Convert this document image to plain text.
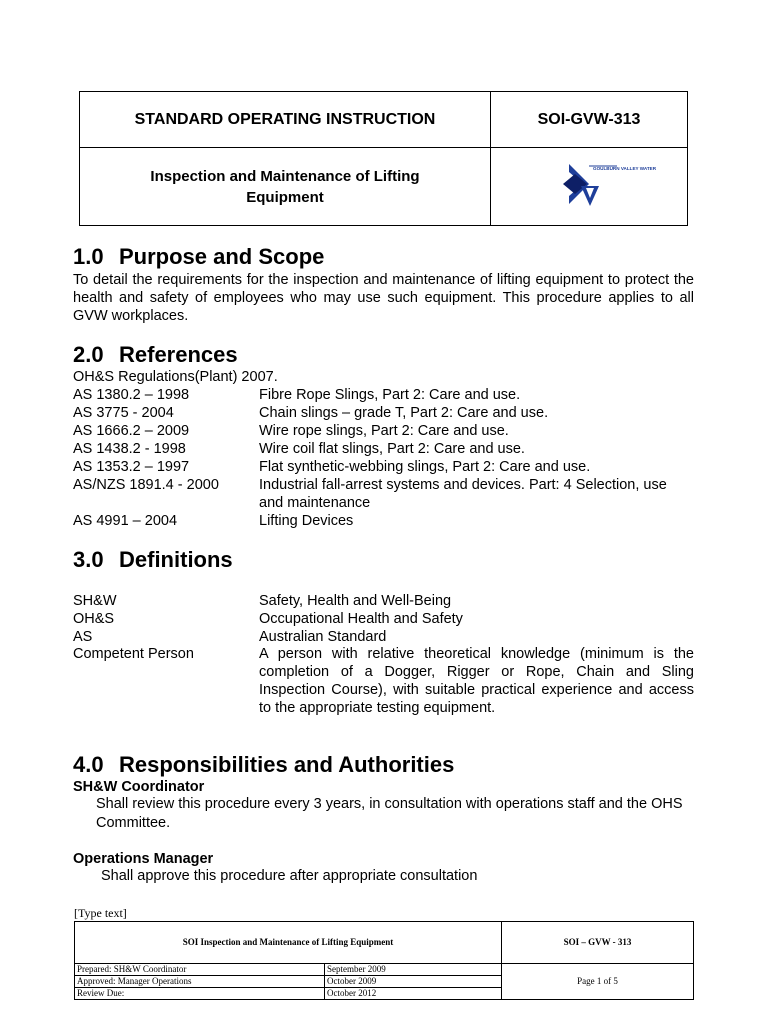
STANDARD OPERATING INSTRUCTION	SOI-GVW-313

Inspection and Maintenance of Lifting Equipment	GOULBURN VALLEY WATER
1.0 Purpose and Scope

To detail the requirements for the inspection and maintenance of lifting equipment to protect the health and safety of employees who may use such equipment. This procedure applies to all GVW workplaces.

2.0 References
OH&S Regulations(Plant) 2007.
AS 1380.2 – 1998	Fibre Rope Slings, Part 2: Care and use.
AS 3775 - 2004	Chain slings – grade T, Part 2: Care and use.
AS 1666.2 – 2009	Wire rope slings, Part 2: Care and use.
AS 1438.2 - 1998	Wire coil flat slings, Part 2: Care and use.
AS 1353.2 – 1997	Flat synthetic-webbing slings, Part 2: Care and use.
AS/NZS 1891.4 - 2000	Industrial fall-arrest systems and devices. Part: 4 Selection, use and maintenance
AS 4991 – 2004	Lifting Devices
3.0 Definitions
SH&W	Safety, Health and Well-Being
OH&S	Occupational Health and Safety
AS	Australian Standard
Competent Person	A person with relative theoretical knowledge (minimum is the completion of a Dogger, Rigger or Rope, Chain and Sling Inspection Course), with suitable practical experience and access to the appropriate testing equipment.
4.0 Responsibilities and Authorities
SH&W Coordinator
Shall review this procedure every 3 years, in consultation with operations staff and the OHS Committee.
Operations Manager
Shall approve this procedure after appropriate consultation
[Type text]
SOI Inspection and Maintenance of Lifting Equipment		SOI – GVW - 313
Prepared: SH&W Coordinator	September 2009	Page 1 of 5
Approved: Manager Operations	October 2009	
Review Due:	October 2012	
